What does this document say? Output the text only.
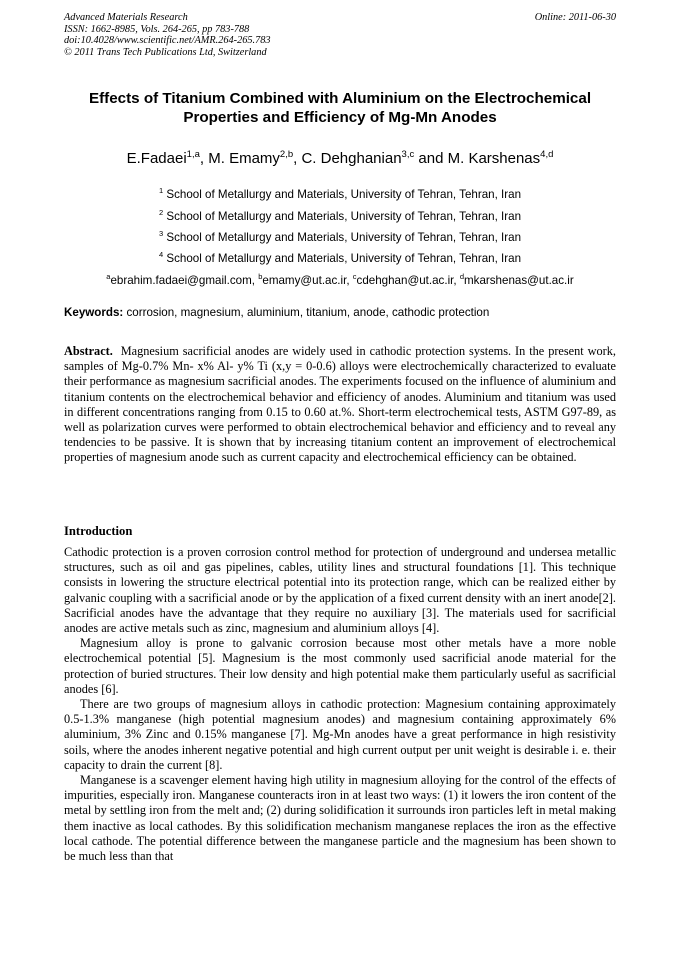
Advanced Materials Research
ISSN: 1662-8985, Vols. 264-265, pp 783-788
doi:10.4028/www.scientific.net/AMR.264-265.783
© 2011 Trans Tech Publications Ltd, Switzerland
Online: 2011-06-30
Effects of Titanium Combined with Aluminium on the Electrochemical
Properties and Efficiency of Mg-Mn Anodes
E.Fadaei$^{1,a}$, M. Emamy$^{2,b}$, C. Dehghanian$^{3,c}$ and M. Karshenas$^{4,d}$
$^1$ School of Metallurgy and Materials, University of Tehran, Tehran, Iran
$^2$ School of Metallurgy and Materials, University of Tehran, Tehran, Iran
$^3$ School of Metallurgy and Materials, University of Tehran, Tehran, Iran
$^4$ School of Metallurgy and Materials, University of Tehran, Tehran, Iran
$^a$ebrahim.fadaei@gmail.com, $^b$emamy@ut.ac.ir, $^c$cdehghan@ut.ac.ir, $^d$mkarshenas@ut.ac.ir
Keywords: corrosion, magnesium, aluminium, titanium, anode, cathodic protection
Abstract.  Magnesium sacrificial anodes are widely used in cathodic protection systems. In the present work, samples of Mg-0.7% Mn- x% Al- y% Ti (x,y = 0-0.6) alloys were electrochemically characterized to evaluate their performance as magnesium sacrificial anodes. The experiments focused on the influence of aluminium and titanium contents on the electrochemical behavior and efficiency of anodes. Aluminium and titanium was used in different concentrations ranging from 0.15 to 0.60 at.%. Short-term electrochemical tests, ASTM G97-89, as well as polarization curves were performed to obtain electrochemical behavior and efficiency and to reveal any tendencies to be passive. It is shown that by increasing titanium content an improvement of electrochemical properties of magnesium anode such as current capacity and electrochemical efficiency can be obtained.
Introduction

Cathodic protection is a proven corrosion control method for protection of underground and undersea metallic structures, such as oil and gas pipelines, cables, utility lines and structural foundations [1]. This technique consists in lowering the structure electrical potential into its protection range, which can be realized either by galvanic coupling with a sacrificial anode or by the application of a fixed current density with an inert anode[2]. Sacrificial anodes have the advantage that they require no auxiliary [3]. The materials used for sacrificial anodes are active metals such as zinc, magnesium and aluminium alloys [4].

Magnesium alloy is prone to galvanic corrosion because most other metals have a more noble electrochemical potential [5]. Magnesium is the most commonly used sacrificial anode material for the protection of buried structures. Their low density and high potential make them particularly useful as sacrificial anodes [6].

There are two groups of magnesium alloys in cathodic protection: Magnesium containing approximately 0.5-1.3% manganese (high potential magnesium anodes) and magnesium containing approximately 6% aluminium, 3% Zinc and 0.15% manganese [7]. Mg-Mn anodes have a great performance in high resistivity soils, where the anodes inherent negative potential and high current output per unit weight is desirable i. e. their capacity to drain the current [8].

Manganese is a scavenger element having high utility in magnesium alloying for the control of the effects of impurities, especially iron. Manganese counteracts iron in at least two ways: (1) it lowers the iron content of the metal by settling iron from the melt and; (2) during solidification it surrounds iron particles left in metal making them inactive as local cathodes. By this solidification mechanism manganese replaces the iron as the effective local cathode. The potential difference between the manganese particle and the magnesium has been shown to be much less than that
